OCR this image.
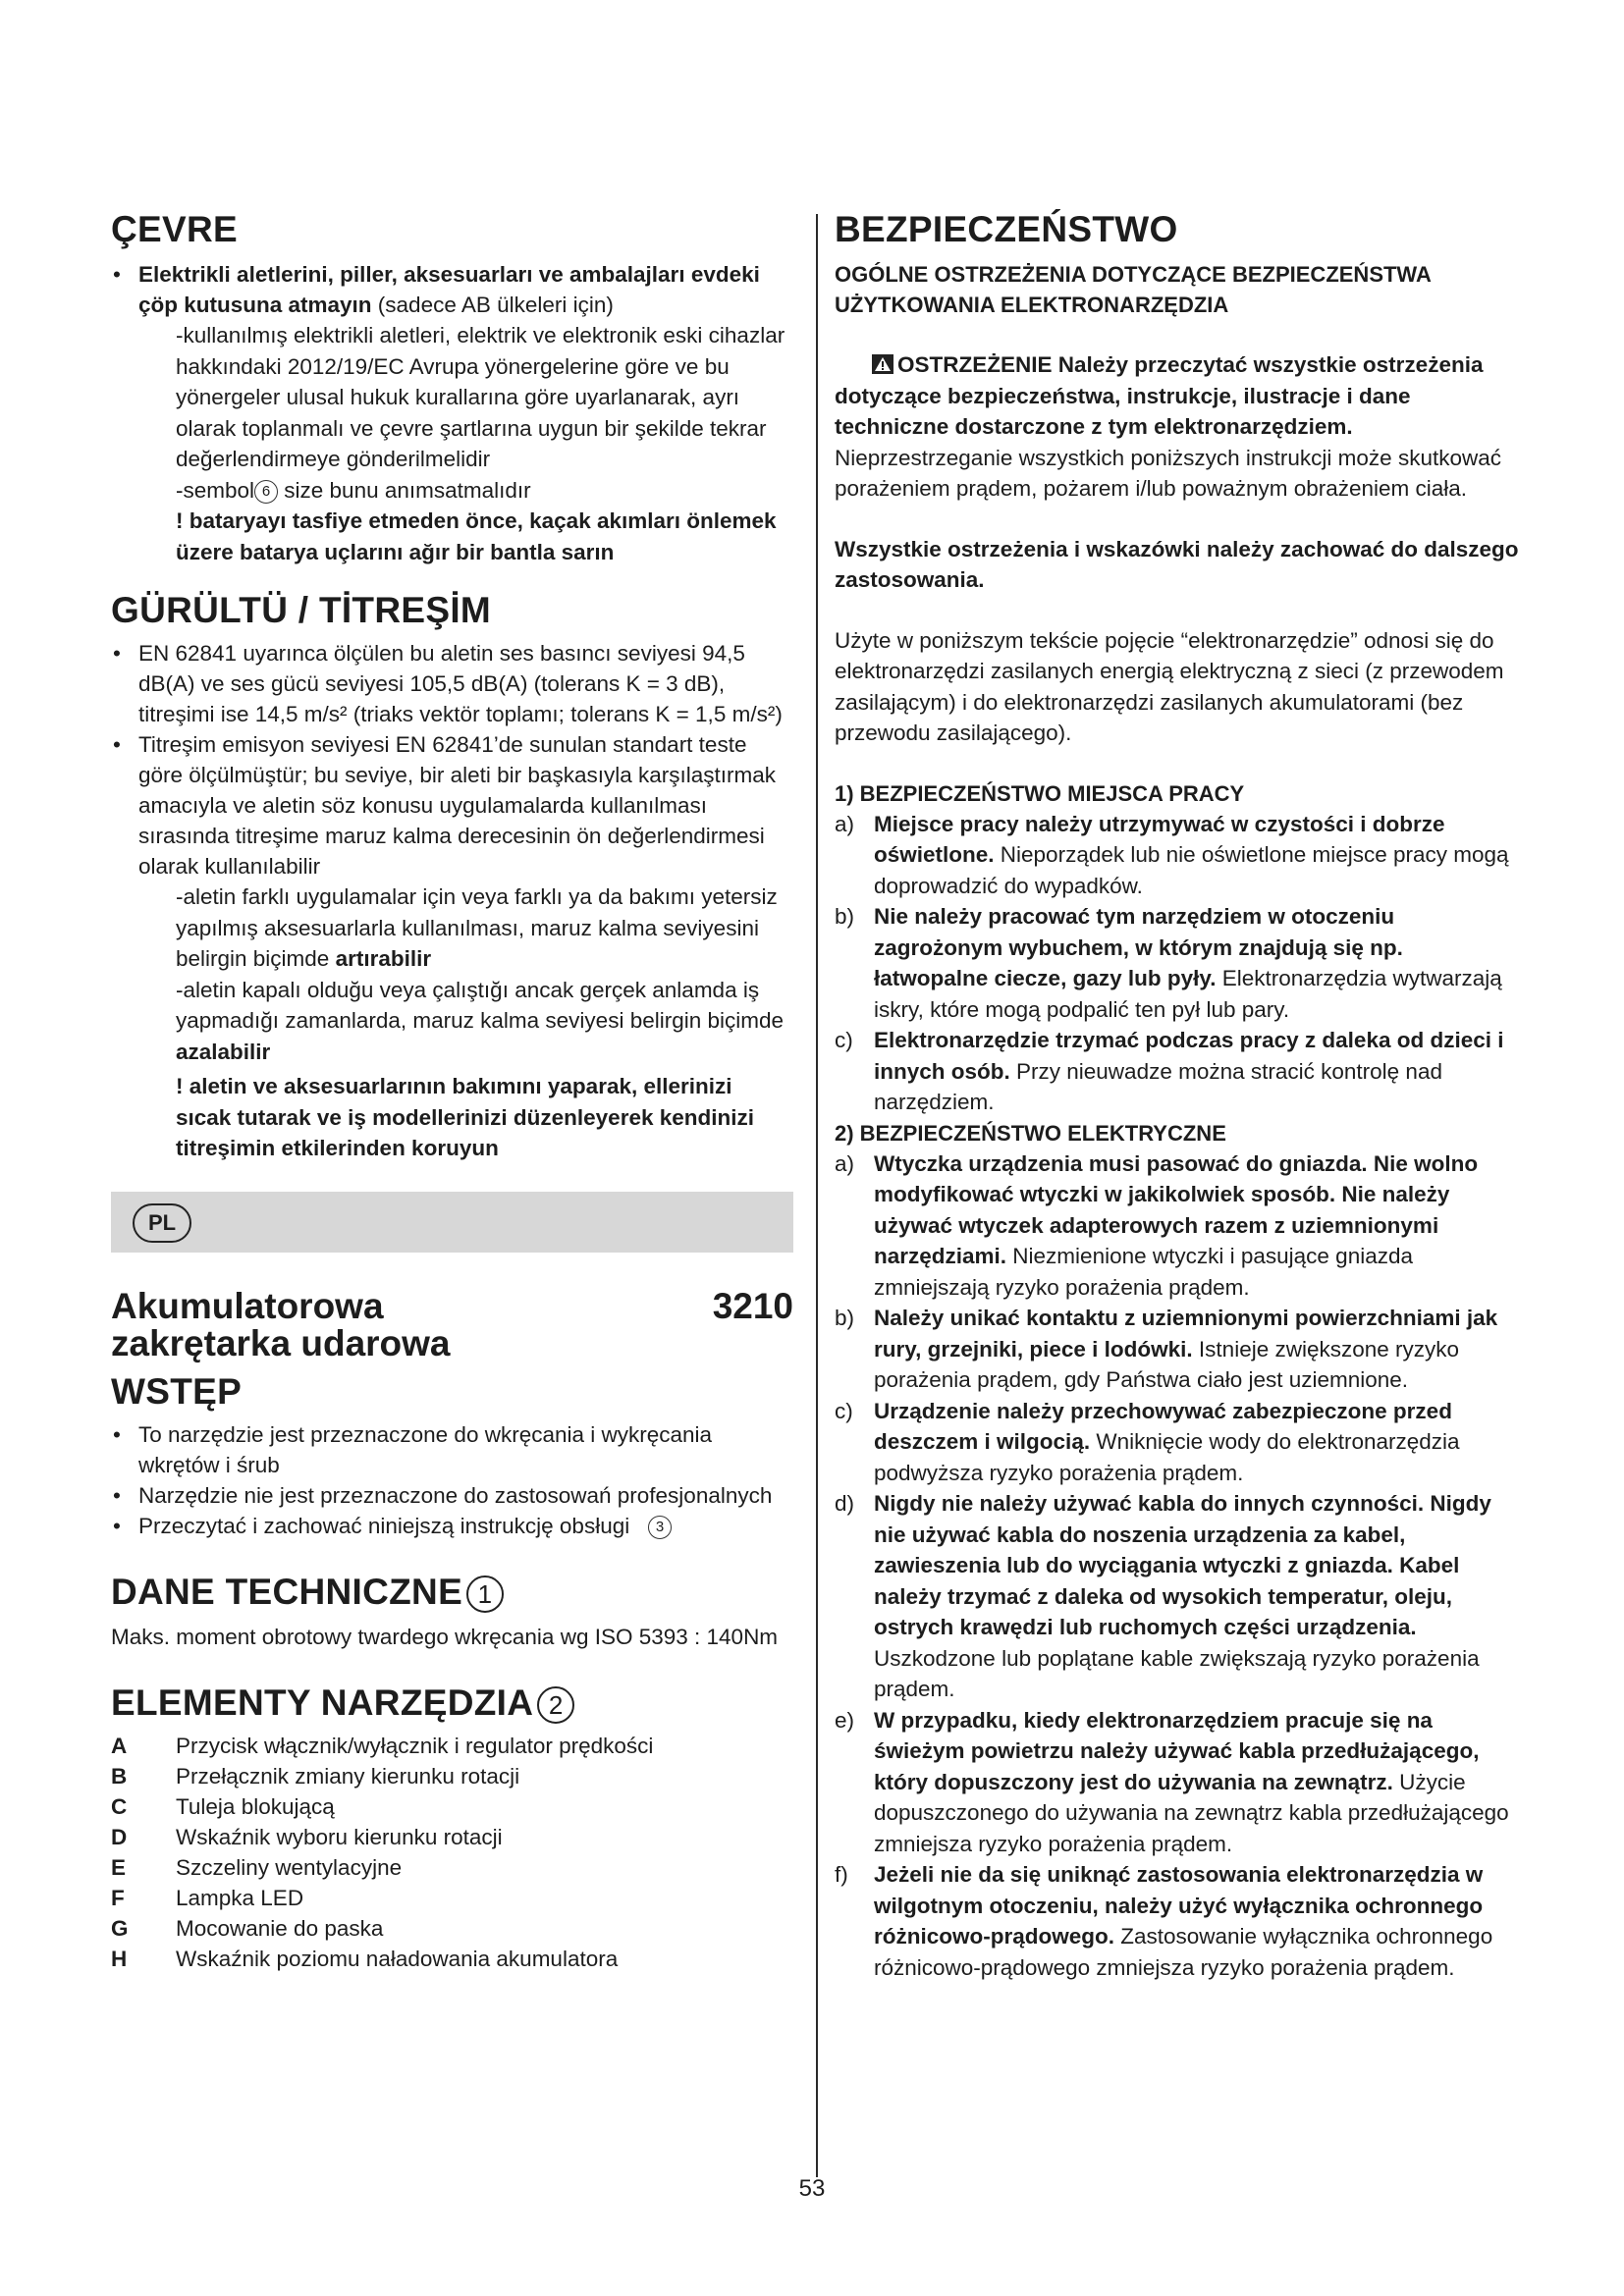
ÇEVRE
• Elektrikli aletlerini, piller, aksesuarları ve ambalajları evdeki çöp kutusuna atmayın (sadece AB ülkeleri için)
-kullanılmış elektrikli aletleri, elektrik ve elektronik eski cihazlar hakkındaki 2012/19/EC Avrupa yönergelerine göre ve bu yönergeler ulusal hukuk kurallarına göre uyarlanarak, ayrı olarak toplanmalı ve çevre şartlarına uygun bir şekilde tekrar değerlendirmeye gönderilmelidir
-sembol 6 size bunu anımsatmalıdır
! bataryayı tasfiye etmeden önce, kaçak akımları önlemek üzere batarya uçlarını ağır bir bantla sarın
GÜRÜLTÜ / TİTREŞİM
• EN 62841 uyarınca ölçülen bu aletin ses basıncı seviyesi 94,5 dB(A) ve ses gücü seviyesi 105,5 dB(A) (tolerans K = 3 dB), titreşimi ise 14,5 m/s² (triaks vektör toplamı; tolerans K = 1,5 m/s²)
• Titreşim emisyon seviyesi EN 62841’de sunulan standart teste göre ölçülmüştür; bu seviye, bir aleti bir başkasıyla karşılaştırmak amacıyla ve aletin söz konusu uygulamalarda kullanılması sırasında titreşime maruz kalma derecesinin ön değerlendirmesi olarak kullanılabilir
-aletin farklı uygulamalar için veya farklı ya da bakımı yetersiz yapılmış aksesuarlarla kullanılması, maruz kalma seviyesini belirgin biçimde artırabilir
-aletin kapalı olduğu veya çalıştığı ancak gerçek anlamda iş yapmadığı zamanlarda, maruz kalma seviyesi belirgin biçimde azalabilir
! aletin ve aksesuarlarının bakımını yaparak, ellerinizi sıcak tutarak ve iş modellerinizi düzenleyerek kendinizi titreşimin etkilerinden koruyun
PL
Akumulatorowa
zakrętarka udarowa
3210
WSTĘP
• To narzędzie jest przeznaczone do wkręcania i wykręcania wkrętów i śrub
• Narzędzie nie jest przeznaczone do zastosowań profesjonalnych
• Przeczytać i zachować niniejszą instrukcję obsługi 3
DANE TECHNICZNE 1
Maks. moment obrotowy twardego wkręcania wg ISO 5393 : 140Nm
ELEMENTY NARZĘDZIA 2
A	Przycisk włącznik/wyłącznik i regulator prędkości
B	Przełącznik zmiany kierunku rotacji
C	Tuleja blokującą
D	Wskaźnik wyboru kierunku rotacji
E	Szczeliny wentylacyjne
F	Lampka LED
G	Mocowanie do paska
H	Wskaźnik poziomu naładowania akumulatora
BEZPIECZEŃSTWO
OGÓLNE OSTRZEŻENIA DOTYCZĄCE BEZPIECZEŃSTWA UŻYTKOWANIA ELEKTRONARZĘDZIA
OSTRZEŻENIE Należy przeczytać wszystkie ostrzeżenia dotyczące bezpieczeństwa, instrukcje, ilustracje i dane techniczne dostarczone z tym elektronarzędziem. Nieprzestrzeganie wszystkich poniższych instrukcji może skutkować porażeniem prądem, pożarem i/lub poważnym obrażeniem ciała.
Wszystkie ostrzeżenia i wskazówki należy zachować do dalszego zastosowania.
Użyte w poniższym tekście pojęcie “elektronarzędzie” odnosi się do elektronarzędzi zasilanych energią elektryczną z sieci (z przewodem zasilającym) i do elektronarzędzi zasilanych akumulatorami (bez przewodu zasilającego).
1) BEZPIECZEŃSTWO MIEJSCA PRACY
a) Miejsce pracy należy utrzymywać w czystości i dobrze oświetlone. Nieporządek lub nie oświetlone miejsce pracy mogą doprowadzić do wypadków.
b) Nie należy pracować tym narzędziem w otoczeniu zagrożonym wybuchem, w którym znajdują się np. łatwopalne ciecze, gazy lub pyły. Elektronarzędzia wytwarzają iskry, które mogą podpalić ten pył lub pary.
c) Elektronarzędzie trzymać podczas pracy z daleka od dzieci i innych osób. Przy nieuwadze można stracić kontrolę nad narzędziem.
2) BEZPIECZEŃSTWO ELEKTRYCZNE
a) Wtyczka urządzenia musi pasować do gniazda. Nie wolno modyfikować wtyczki w jakikolwiek sposób. Nie należy używać wtyczek adapterowych razem z uziemnionymi narzędziami. Niezmienione wtyczki i pasujące gniazda zmniejszają ryzyko porażenia prądem.
b) Należy unikać kontaktu z uziemnionymi powierzchniami jak rury, grzejniki, piece i lodówki. Istnieje zwiększone ryzyko porażenia prądem, gdy Państwa ciało jest uziemnione.
c) Urządzenie należy przechowywać zabezpieczone przed deszczem i wilgocią. Wniknięcie wody do elektronarzędzia podwyższa ryzyko porażenia prądem.
d) Nigdy nie należy używać kabla do innych czynności. Nigdy nie używać kabla do noszenia urządzenia za kabel, zawieszenia lub do wyciągania wtyczki z gniazda. Kabel należy trzymać z daleka od wysokich temperatur, oleju, ostrych krawędzi lub ruchomych części urządzenia. Uszkodzone lub poplątane kable zwiększają ryzyko porażenia prądem.
e) W przypadku, kiedy elektronarzędziem pracuje się na świeżym powietrzu należy używać kabla przedłużającego, który dopuszczony jest do używania na zewnątrz. Użycie dopuszczonego do używania na zewnątrz kabla przedłużającego zmniejsza ryzyko porażenia prądem.
f) Jeżeli nie da się uniknąć zastosowania elektronarzędzia w wilgotnym otoczeniu, należy użyć wyłącznika ochronnego różnicowo-prądowego. Zastosowanie wyłącznika ochronnego różnicowo-prądowego zmniejsza ryzyko porażenia prądem.
53
